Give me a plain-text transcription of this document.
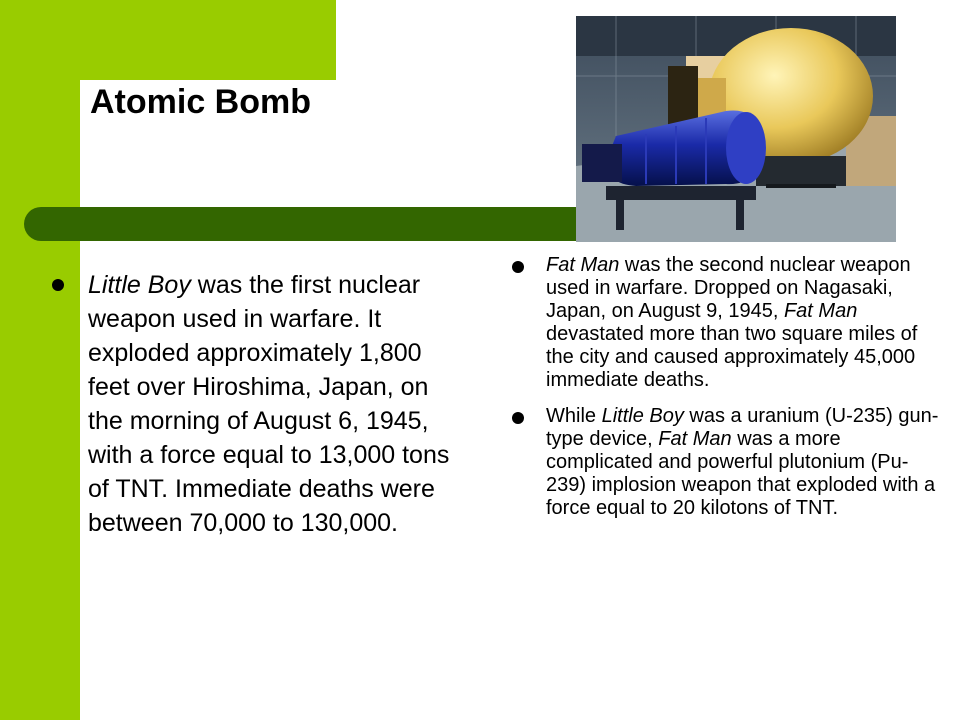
Atomic Bomb
Little Boy was the first nuclear weapon used in warfare. It exploded approximately 1,800 feet over Hiroshima, Japan, on the morning of August 6, 1945, with a force equal to 13,000 tons of TNT. Immediate deaths were between 70,000 to 130,000.
Fat Man was the second nuclear weapon used in warfare. Dropped on Nagasaki, Japan, on August 9, 1945, Fat Man devastated more than two square miles of the city and caused approximately 45,000 immediate deaths.
While Little Boy was a uranium (U-235) gun-type device, Fat Man was a more complicated and powerful plutonium (Pu-239) implosion weapon that exploded with a force equal to 20 kilotons of TNT.
